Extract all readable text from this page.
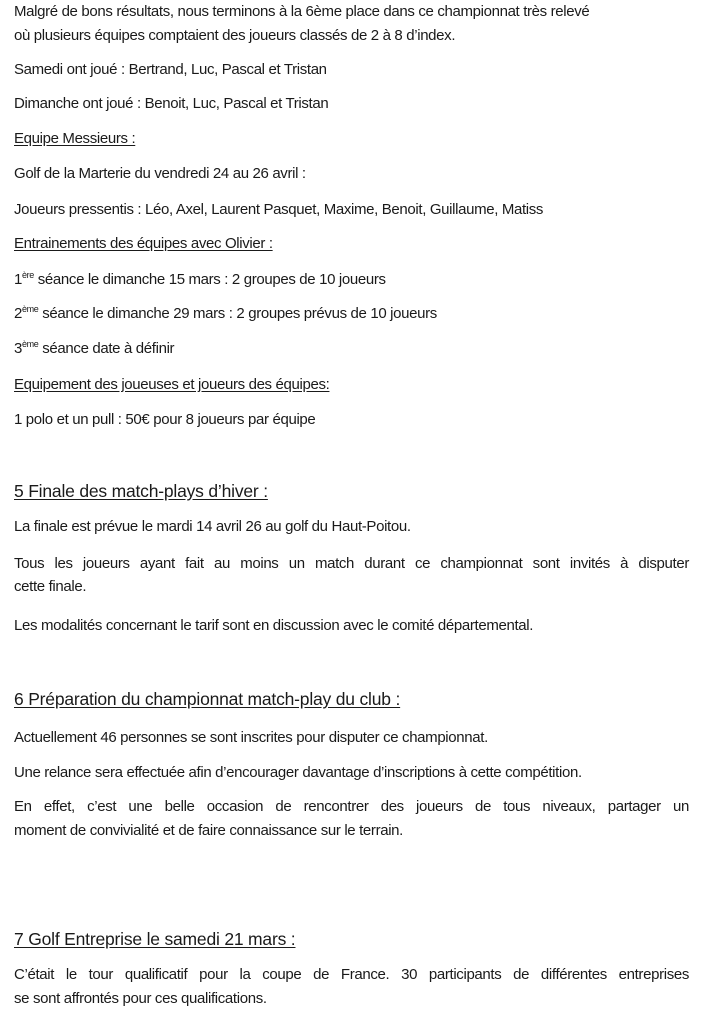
Malgré de bons résultats, nous terminons à la 6ème place dans ce championnat très relevé
où plusieurs équipes comptaient des joueurs classés de 2 à 8 d’index.
Samedi ont joué : Bertrand, Luc, Pascal et Tristan
Dimanche ont joué : Benoit, Luc, Pascal et Tristan
Equipe Messieurs :
Golf de la Marterie du vendredi 24 au 26 avril :
Joueurs pressentis : Léo, Axel, Laurent Pasquet, Maxime, Benoit, Guillaume, Matiss
Entrainements des équipes avec Olivier :
1ère séance le dimanche 15 mars : 2 groupes de 10 joueurs
2ème séance le dimanche 29 mars : 2 groupes prévus de 10 joueurs
3ème séance date à définir
Equipement des joueuses et joueurs des équipes:
1 polo et un pull : 50€ pour 8 joueurs par équipe
5 Finale des match-plays d’hiver :
La finale est prévue le mardi 14 avril 26 au golf du Haut-Poitou.
Tous les joueurs ayant fait au moins un match durant ce championnat sont invités à disputer
cette finale.
Les modalités concernant le tarif sont en discussion avec le comité départemental.
6 Préparation du championnat match-play du club :
Actuellement 46 personnes se sont inscrites pour disputer ce championnat.
Une relance sera effectuée afin d’encourager davantage d’inscriptions à cette compétition.
En effet, c’est une belle occasion de rencontrer des joueurs de tous niveaux, partager un
moment de convivialité et de faire connaissance sur le terrain.
7 Golf Entreprise le samedi 21 mars :
C’était le tour qualificatif pour la coupe de France. 30 participants de différentes entreprises
se sont affrontés pour ces qualifications.
